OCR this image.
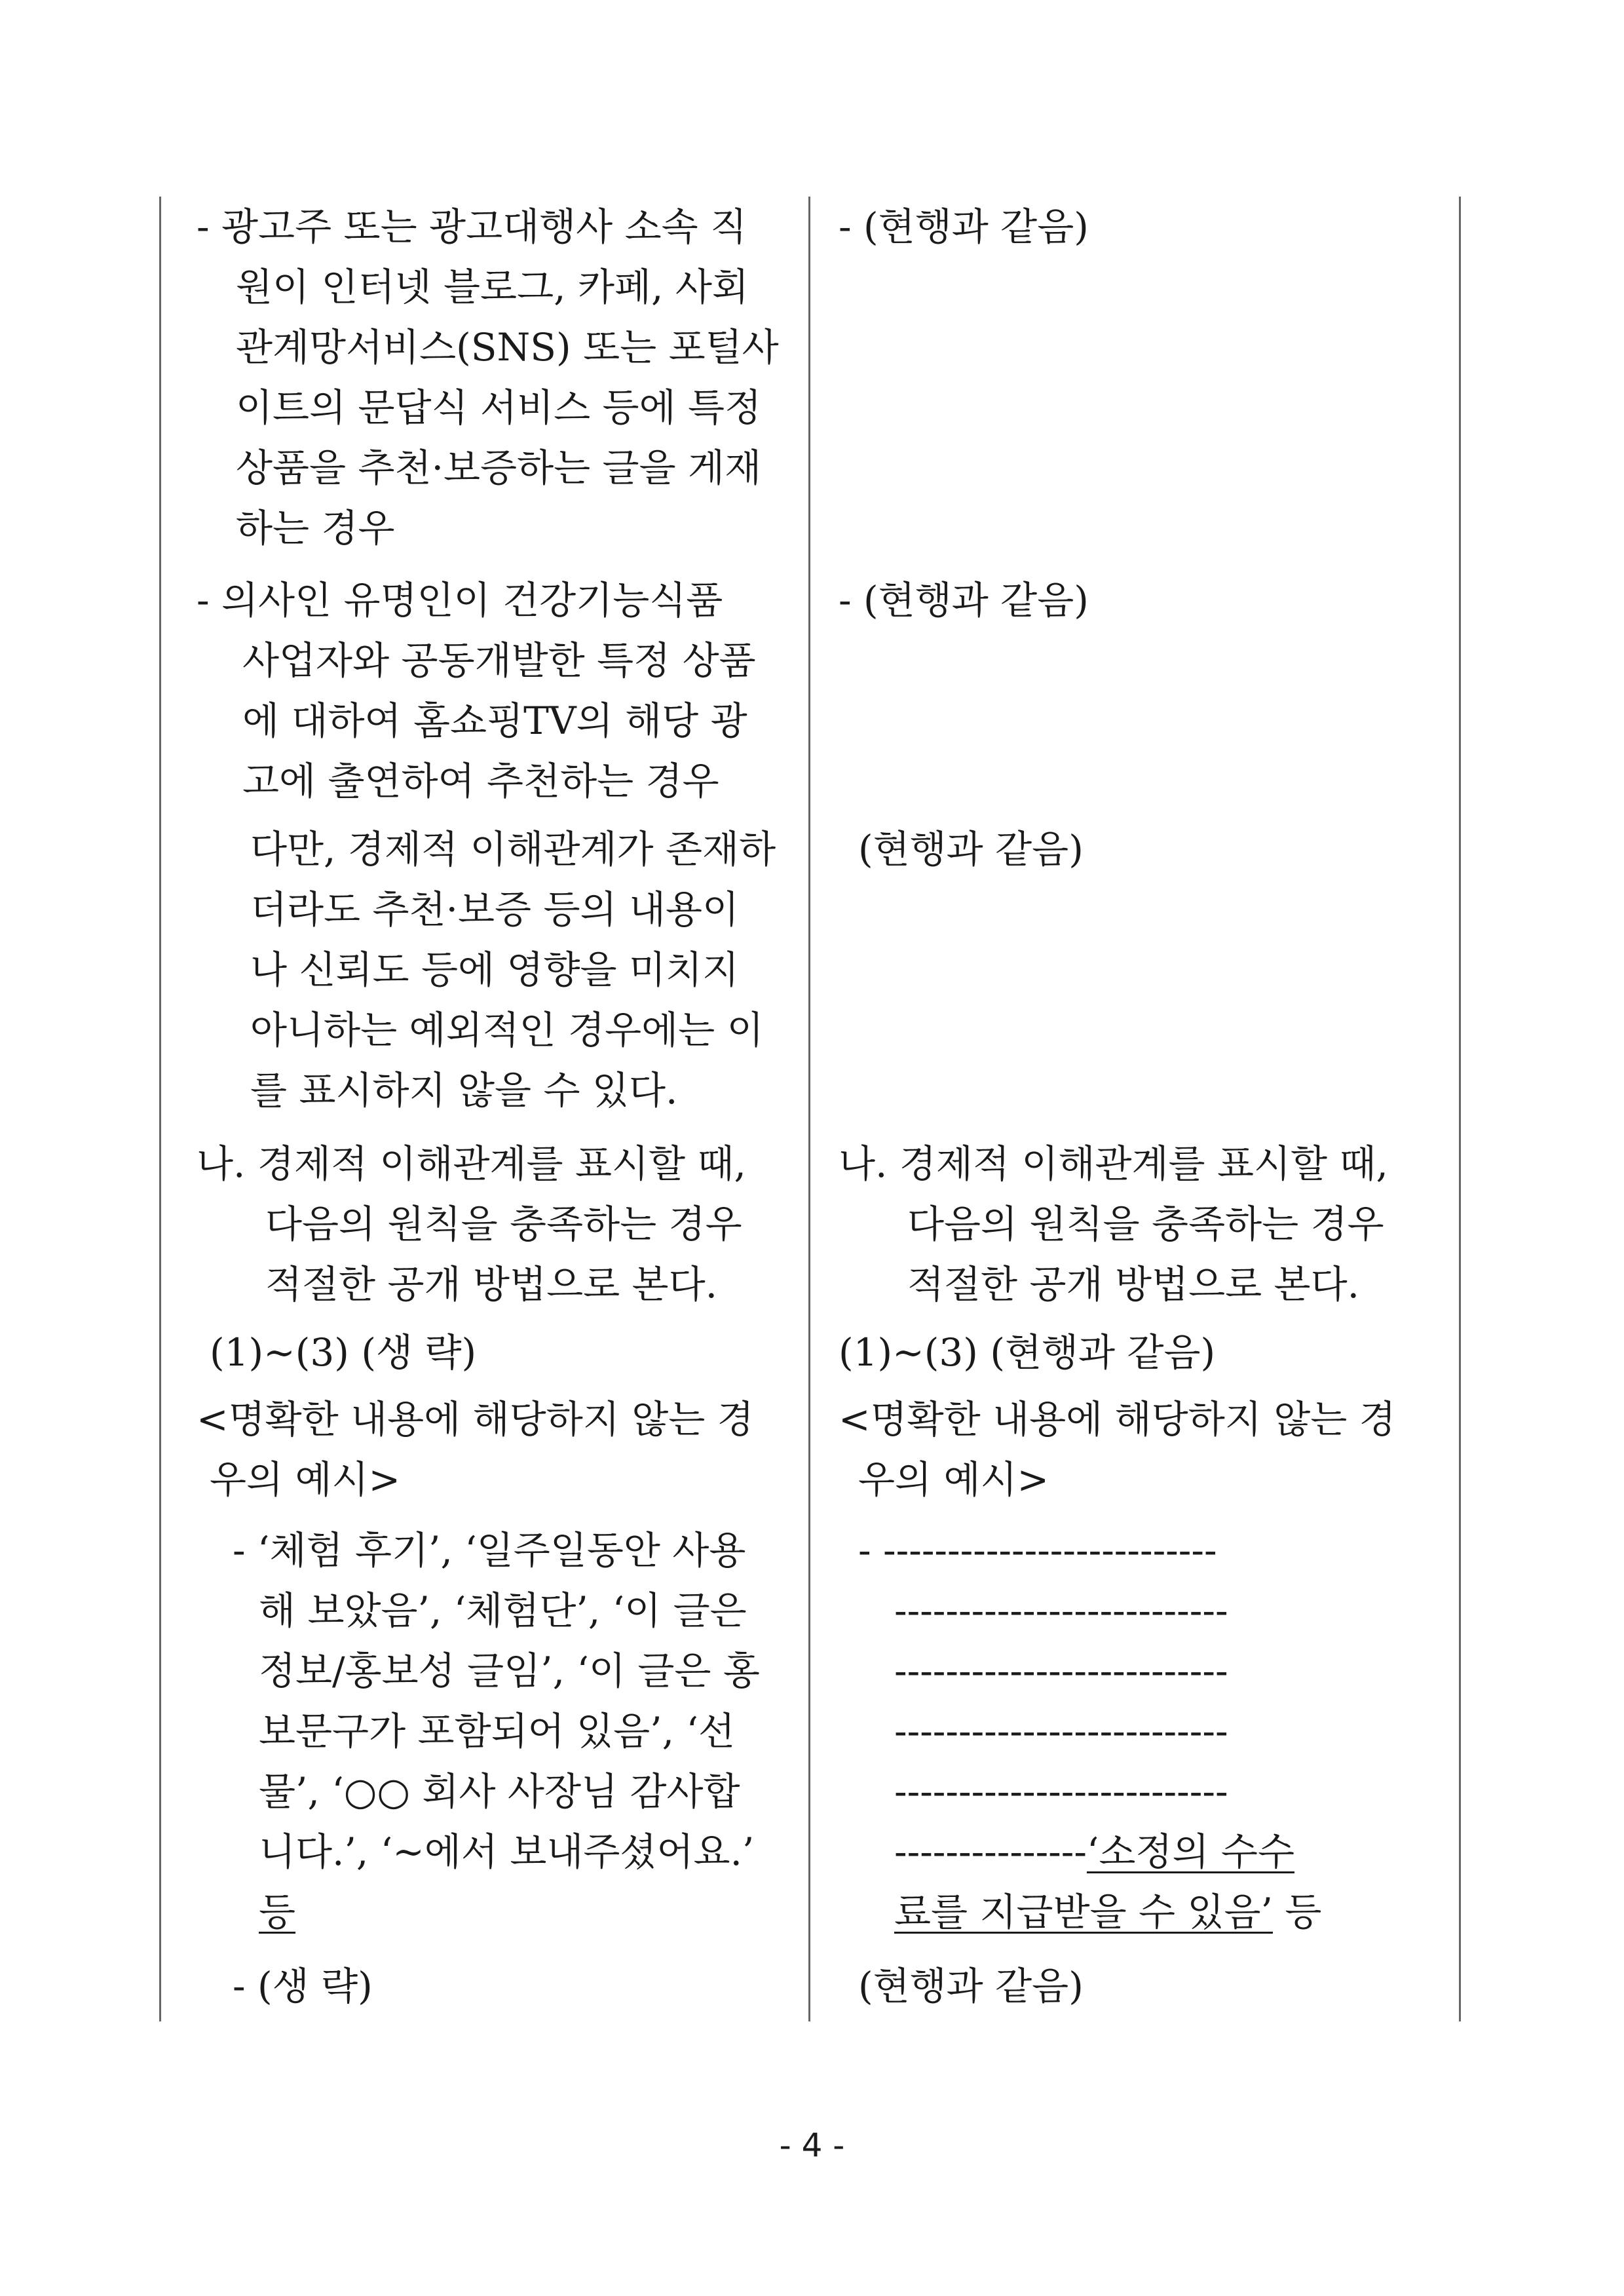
- 광고주 또는 광고대행사 소속 직
원이 인터넷 블로그, 카페, 사회
관계망서비스(SNS) 또는 포털사
이트의 문답식 서비스 등에 특정
상품을 추천·보증하는 글을 게재
하는 경우
- 의사인 유명인이 건강기능식품
사업자와 공동개발한 특정 상품
에 대하여 홈쇼핑TV의 해당 광
고에 출연하여 추천하는 경우
다만, 경제적 이해관계가 존재하
더라도 추천·보증 등의 내용이
나 신뢰도 등에 영향을 미치지
아니하는 예외적인 경우에는 이
를 표시하지 않을 수 있다.
나. 경제적 이해관계를 표시할 때,
다음의 원칙을 충족하는 경우
적절한 공개 방법으로 본다.
(1)~(3) (생 략)
<명확한 내용에 해당하지 않는 경
우의 예시>
- ‘체험 후기’, ‘일주일동안 사용
해 보았음’, ‘체험단’, ‘이 글은
정보/홍보성 글임’, ‘이 글은 홍
보문구가 포함되어 있음’, ‘선
물’, ‘○○ 회사 사장님 감사합
니다.’, ‘~에서 보내주셨어요.’
등
- (생 략)
- (현행과 같음)
- (현행과 같음)
(현행과 같음)
나. 경제적 이해관계를 표시할 때,
다음의 원칙을 충족하는 경우
적절한 공개 방법으로 본다.
(1)~(3) (현행과 같음)
<명확한 내용에 해당하지 않는 경
우의 예시>
- --------------------------
--------------------------
--------------------------
--------------------------
--------------------------
--------------- ‘소정의 수수
료를 지급받을 수 있음’ 등
(현행과 같음)
- 4 -
